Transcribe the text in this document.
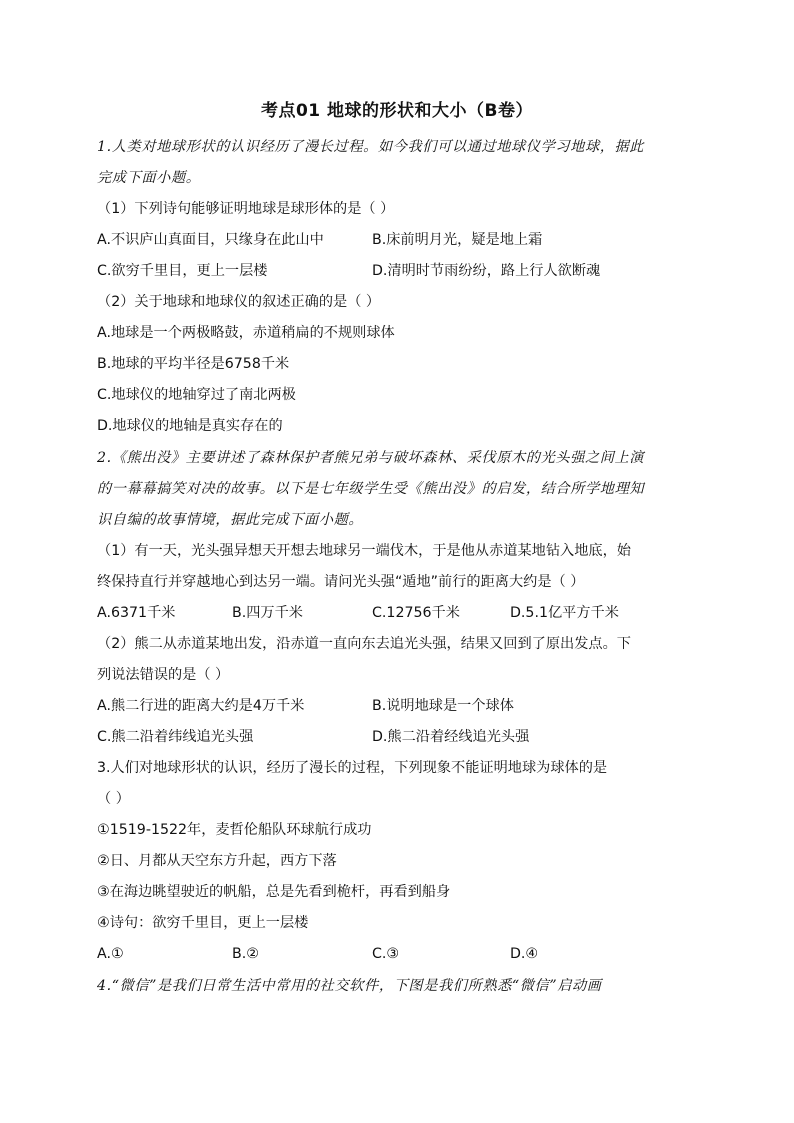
考点01 地球的形状和大小（B卷）
1.人类对地球形状的认识经历了漫长过程。如今我们可以通过地球仪学习地球，据此
完成下面小题。
（1）下列诗句能够证明地球是球形体的是（ ）
A.不识庐山真面目，只缘身在此山中	B.床前明月光，疑是地上霜
C.欲穷千里目，更上一层楼	D.清明时节雨纷纷，路上行人欲断魂
（2）关于地球和地球仪的叙述正确的是（ ）
A.地球是一个两极略鼓，赤道稍扁的不规则球体
B.地球的平均半径是6758千米
C.地球仪的地轴穿过了南北两极
D.地球仪的地轴是真实存在的
2.《熊出没》主要讲述了森林保护者熊兄弟与破坏森林、采伐原木的光头强之间上演
的一幕幕搞笑对决的故事。以下是七年级学生受《熊出没》的启发，结合所学地理知
识自编的故事情境，据此完成下面小题。
（1）有一天，光头强异想天开想去地球另一端伐木，于是他从赤道某地钻入地底，始
终保持直行并穿越地心到达另一端。请问光头强“遁地”前行的距离大约是（ ）
A.6371千米	B.四万千米	C.12756千米	D.5.1亿平方千米
（2）熊二从赤道某地出发，沿赤道一直向东去追光头强，结果又回到了原出发点。下
列说法错误的是（ ）
A.熊二行进的距离大约是4万千米	B.说明地球是一个球体
C.熊二沿着纬线追光头强	D.熊二沿着经线追光头强
3.人们对地球形状的认识，经历了漫长的过程，下列现象不能证明地球为球体的是
（ ）
①1519-1522年，麦哲伦船队环球航行成功
②日、月都从天空东方升起，西方下落
③在海边眺望驶近的帆船，总是先看到桅杆，再看到船身
④诗句：欲穷千里目，更上一层楼
A.①	B.②	C.③	D.④
4.“微信”是我们日常生活中常用的社交软件，下图是我们所熟悉“微信”启动画
